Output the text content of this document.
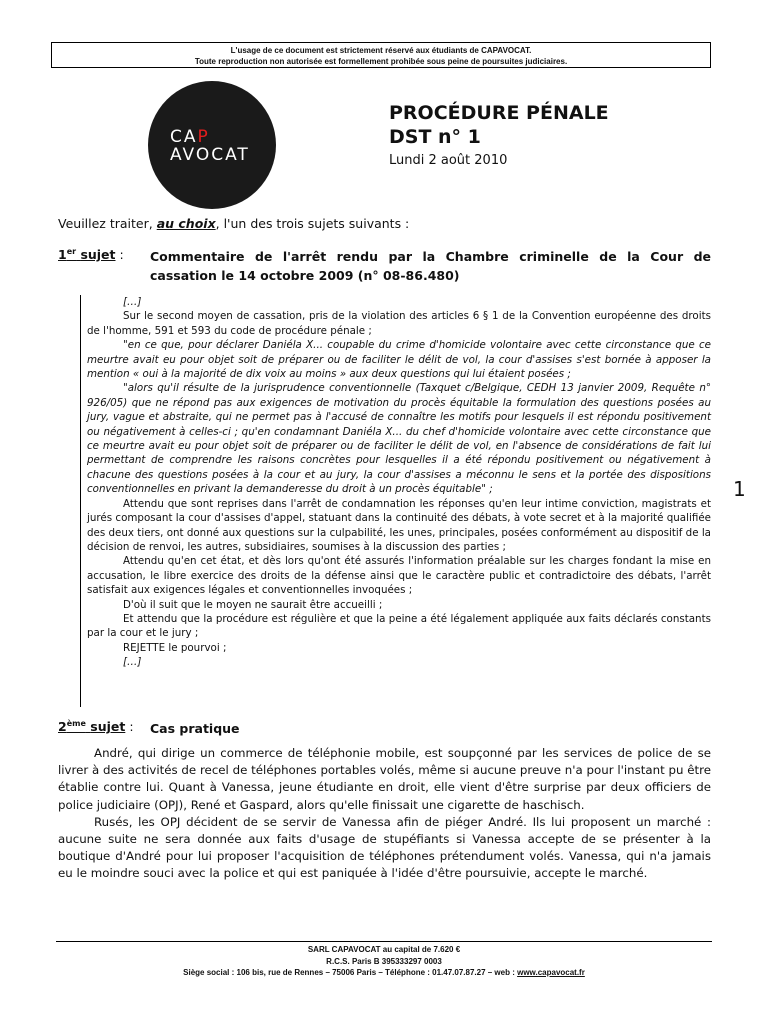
L'usage de ce document est strictement réservé aux étudiants de CAPAVOCAT.
Toute reproduction non autorisée est formellement prohibée sous peine de poursuites judiciaires.
CAP
AVOCAT
PROCÉDURE PÉNALE
DST n° 1
Lundi 2 août 2010
1
Veuillez traiter, au choix, l'un des trois sujets suivants :
1er sujet : Commentaire de l'arrêt rendu par la Chambre criminelle de la Cour de cassation le 14 octobre 2009 (n° 08-86.480)

[…]

Sur le second moyen de cassation, pris de la violation des articles 6 § 1 de la Convention européenne des droits de l'homme, 591 et 593 du code de procédure pénale ;

"en ce que, pour déclarer Daniéla X... coupable du crime d'homicide volontaire avec cette circonstance que ce meurtre avait eu pour objet soit de préparer ou de faciliter le délit de vol, la cour d'assises s'est bornée à apposer la mention « oui à la majorité de dix voix au moins » aux deux questions qui lui étaient posées ;

"alors qu'il résulte de la jurisprudence conventionnelle (Taxquet c/Belgique, CEDH 13 janvier 2009, Requête n° 926/05) que ne répond pas aux exigences de motivation du procès équitable la formulation des questions posées au jury, vague et abstraite, qui ne permet pas à l'accusé de connaître les motifs pour lesquels il est répondu positivement ou négativement à celles-ci ; qu'en condamnant Daniéla X... du chef d'homicide volontaire avec cette circonstance que ce meurtre avait eu pour objet soit de préparer ou de faciliter le délit de vol, en l'absence de considérations de fait lui permettant de comprendre les raisons concrètes pour lesquelles il a été répondu positivement ou négativement à chacune des questions posées à la cour et au jury, la cour d'assises a méconnu le sens et la portée des dispositions conventionnelles en privant la demanderesse du droit à un procès équitable" ;

Attendu que sont reprises dans l'arrêt de condamnation les réponses qu'en leur intime conviction, magistrats et jurés composant la cour d'assises d'appel, statuant dans la continuité des débats, à vote secret et à la majorité qualifiée des deux tiers, ont donné aux questions sur la culpabilité, les unes, principales, posées conformément au dispositif de la décision de renvoi, les autres, subsidiaires, soumises à la discussion des parties ;

Attendu qu'en cet état, et dès lors qu'ont été assurés l'information préalable sur les charges fondant la mise en accusation, le libre exercice des droits de la défense ainsi que le caractère public et contradictoire des débats, l'arrêt satisfait aux exigences légales et conventionnelles invoquées ;

D'où il suit que le moyen ne saurait être accueilli ;

Et attendu que la procédure est régulière et que la peine a été légalement appliquée aux faits déclarés constants par la cour et le jury ;

REJETTE le pourvoi ;

[…]

2ème sujet : Cas pratique

André, qui dirige un commerce de téléphonie mobile, est soupçonné par les services de police de se livrer à des activités de recel de téléphones portables volés, même si aucune preuve n'a pour l'instant pu être établie contre lui. Quant à Vanessa, jeune étudiante en droit, elle vient d'être surprise par deux officiers de police judiciaire (OPJ), René et Gaspard, alors qu'elle finissait une cigarette de haschisch.

Rusés, les OPJ décident de se servir de Vanessa afin de piéger André. Ils lui proposent un marché : aucune suite ne sera donnée aux faits d'usage de stupéfiants si Vanessa accepte de se présenter à la boutique d'André pour lui proposer l'acquisition de téléphones prétendument volés. Vanessa, qui n'a jamais eu le moindre souci avec la police et qui est paniquée à l'idée d'être poursuivie, accepte le marché.

SARL CAPAVOCAT au capital de 7.620 €
R.C.S. Paris B 395333297 0003
Siège social : 106 bis, rue de Rennes – 75006 Paris – Téléphone : 01.47.07.87.27 – web : www.capavocat.fr
